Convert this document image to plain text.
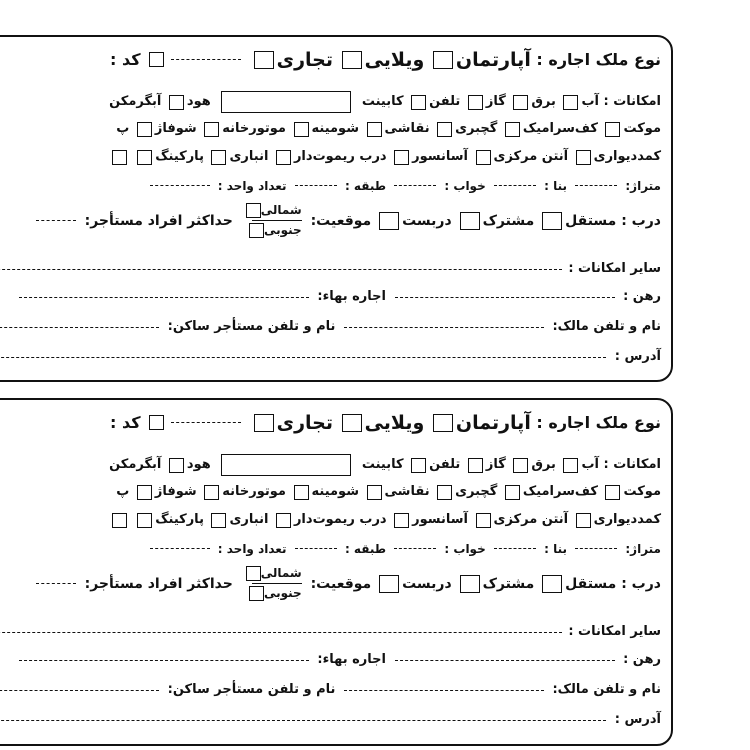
نوع ملک اجاره : آپارتمان ویلایی تجاری  کد :
امکانات : آب برق گاز تلفن کابینت  هود آبگرمکن
موکت کف‌سرامیک گچبری نقاشی شومینه موتورخانه شوفاژ پ
کمددیواری آنتن مرکزی آسانسور درب ریموت‌دار انباری پارکینگ
متراژ:  بنا :  خواب :  طبقه :  تعداد واحد :
درب : مستقل مشترک دربست موقعیت:
$\frac{\text{شمالی}}{\text{جنوبی}}$
حداکثر افراد مستأجر:
سایر امکانات :
رهن :  اجاره بهاء:
نام و تلفن مالک:  نام و تلفن مستأجر ساکن:
آدرس :
نوع ملک اجاره : آپارتمان ویلایی تجاری  کد :
امکانات : آب برق گاز تلفن کابینت  هود آبگرمکن
موکت کف‌سرامیک گچبری نقاشی شومینه موتورخانه شوفاژ پ
کمددیواری آنتن مرکزی آسانسور درب ریموت‌دار انباری پارکینگ
متراژ:  بنا :  خواب :  طبقه :  تعداد واحد :
درب : مستقل مشترک دربست موقعیت:
$\frac{\text{شمالی}}{\text{جنوبی}}$
حداکثر افراد مستأجر:
سایر امکانات :
رهن :  اجاره بهاء:
نام و تلفن مالک:  نام و تلفن مستأجر ساکن:
آدرس :
